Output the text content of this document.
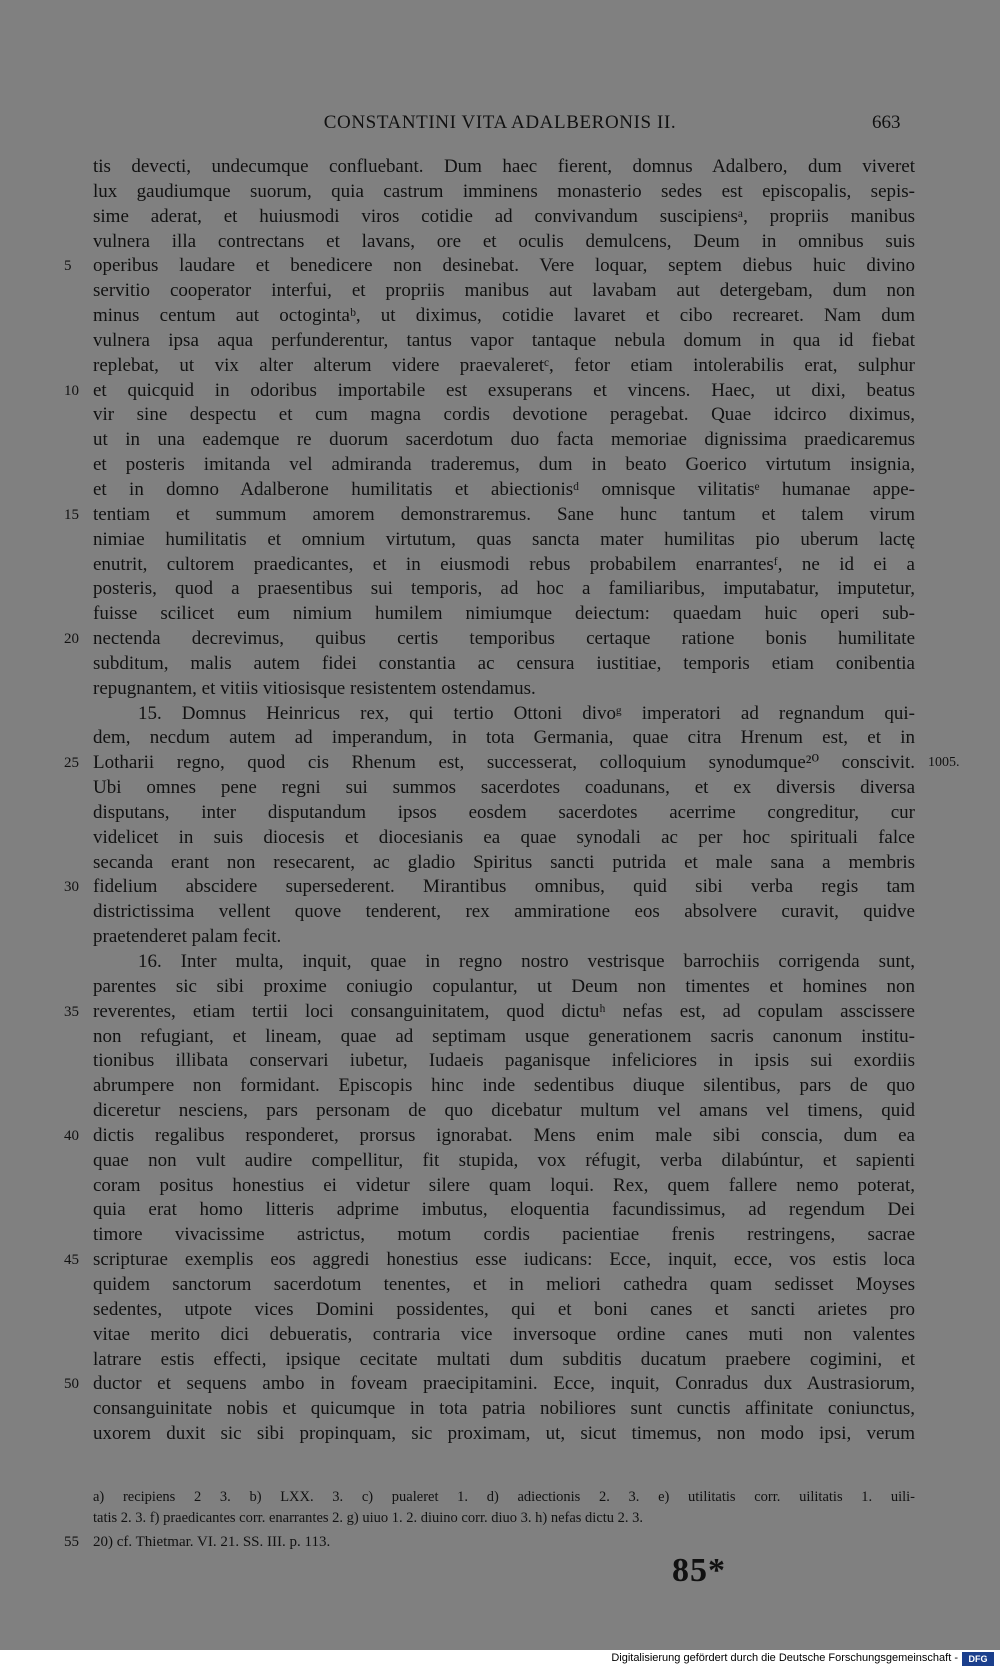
CONSTANTINI VITA ADALBERONIS II.	663
tis devecti, undecumque confluebant. Dum haec fierent, domnus Adalbero, dum viveret
lux gaudiumque suorum, quia castrum imminens monasterio sedes est episcopalis, sepis-
sime aderat, et huiusmodi viros cotidie ad convivandum suscipiensᵃ, propriis manibus
vulnera illa contrectans et lavans, ore et oculis demulcens, Deum in omnibus suis
5	operibus laudare et benedicere non desinebat. Vere loquar, septem diebus huic divino
servitio cooperator interfui, et propriis manibus aut lavabam aut detergebam, dum non
minus centum aut octogintaᵇ, ut diximus, cotidie lavaret et cibo recrearet. Nam dum
vulnera ipsa aqua perfunderentur, tantus vapor tantaque nebula domum in qua id fiebat
replebat, ut vix alter alterum videre praevaleretᶜ, fetor etiam intolerabilis erat, sulphur
10 et quicquid in odoribus importabile est exsuperans et vincens. Haec, ut dixi, beatus
vir sine despectu et cum magna cordis devotione peragebat. Quae idcirco diximus,
ut in una eademque re duorum sacerdotum duo facta memoriae dignissima praedicaremus
et posteris imitanda vel admiranda traderemus, dum in beato Goerico virtutum insignia,
et in domno Adalberone humilitatis et abiectionisᵈ omnisque vilitatisᵉ humanae appe-
15 tentiam et summum amorem demonstraremus. Sane hunc tantum et talem virum
nimiae humilitatis et omnium virtutum, quas sancta mater humilitas pio uberum lactę
enutrit, cultorem praedicantes, et in eiusmodi rebus probabilem enarrantesᶠ, ne id ei a
posteris, quod a praesentibus sui temporis, ad hoc a familiaribus, imputabatur, imputetur,
fuisse scilicet eum nimium humilem nimiumque deiectum: quaedam huic operi sub-
20 nectenda decrevimus, quibus certis temporibus certaque ratione bonis humilitate
subditum, malis autem fidei constantia ac censura iustitiae, temporis etiam conibentia
repugnantem, et vitiis vitiosisque resistentem ostendamus.
15. Domnus Heinricus rex, qui tertio Ottoni divoᵍ imperatori ad regnandum qui-
dem, necdum autem ad imperandum, in tota Germania, quae citra Hrenum est, et in
25 Lotharii regno, quod cis Rhenum est, successerat, colloquium synodumque²⁰ conscivit. 1005.
Ubi omnes pene regni sui summos sacerdotes coadunans, et ex diversis diversa
disputans, inter disputandum ipsos eosdem sacerdotes acerrime congreditur, cur
videlicet in suis diocesis et diocesianis ea quae synodali ac per hoc spirituali falce
secanda erant non resecarent, ac gladio Spiritus sancti putrida et male sana a membris
30 fidelium abscidere supersederent. Mirantibus omnibus, quid sibi verba regis tam
districtissima vellent quove tenderent, rex ammiratione eos absolvere curavit, quidve
praetenderet palam fecit.
16. Inter multa, inquit, quae in regno nostro vestrisque barrochiis corrigenda sunt,
parentes sic sibi proxime coniugio copulantur, ut Deum non timentes et homines non
35 reverentes, etiam tertii loci consanguinitatem, quod dictuʰ nefas est, ad copulam asscissere
non refugiant, et lineam, quae ad septimam usque generationem sacris canonum institu-
tionibus illibata conservari iubetur, Iudaeis paganisque infeliciores in ipsis sui exordiis
abrumpere non formidant. Episcopis hinc inde sedentibus diuque silentibus, pars de quo
diceretur nesciens, pars personam de quo dicebatur multum vel amans vel timens, quid
40 dictis regalibus responderet, prorsus ignorabat. Mens enim male sibi conscia, dum ea
quae non vult audire compellitur, fit stupida, vox réfugit, verba dilabúntur, et sapienti
coram positus honestius ei videtur silere quam loqui. Rex, quem fallere nemo poterat,
quia erat homo litteris adprime imbutus, eloquentia facundissimus, ad regendum Dei
timore vivacissime astrictus, motum cordis pacientiae frenis restringens, sacrae
45 scripturae exemplis eos aggredi honestius esse iudicans: Ecce, inquit, ecce, vos estis loca
quidem sanctorum sacerdotum tenentes, et in meliori cathedra quam sedisset Moyses
sedentes, utpote vices Domini possidentes, qui et boni canes et sancti arietes pro
vitae merito dici debueratis, contraria vice inversoque ordine canes muti non valentes
latrare estis effecti, ipsique cecitate multati dum subditis ducatum praebere cogimini, et
50 ductor et sequens ambo in foveam praecipitamini. Ecce, inquit, Conradus dux Austrasiorum,
consanguinitate nobis et quicumque in tota patria nobiliores sunt cunctis affinitate coniunctus,
uxorem duxit sic sibi propinquam, sic proximam, ut, sicut timemus, non modo ipsi, verum
a) recipiens 2 3. b) LXX. 3. c) pualeret 1. d) adiectionis 2. 3. e) utilitatis corr. uilitatis 1. uili-
tatis 2. 3. f) praedicantes corr. enarrantes 2. g) uiuo 1. 2. diuino corr. diuo 3. h) nefas dictu 2. 3.
55 20) cf. Thietmar. VI. 21. SS. III. p. 113.
85*
Digitalisierung gefördert durch die Deutsche Forschungsgemeinschaft -	DFG
